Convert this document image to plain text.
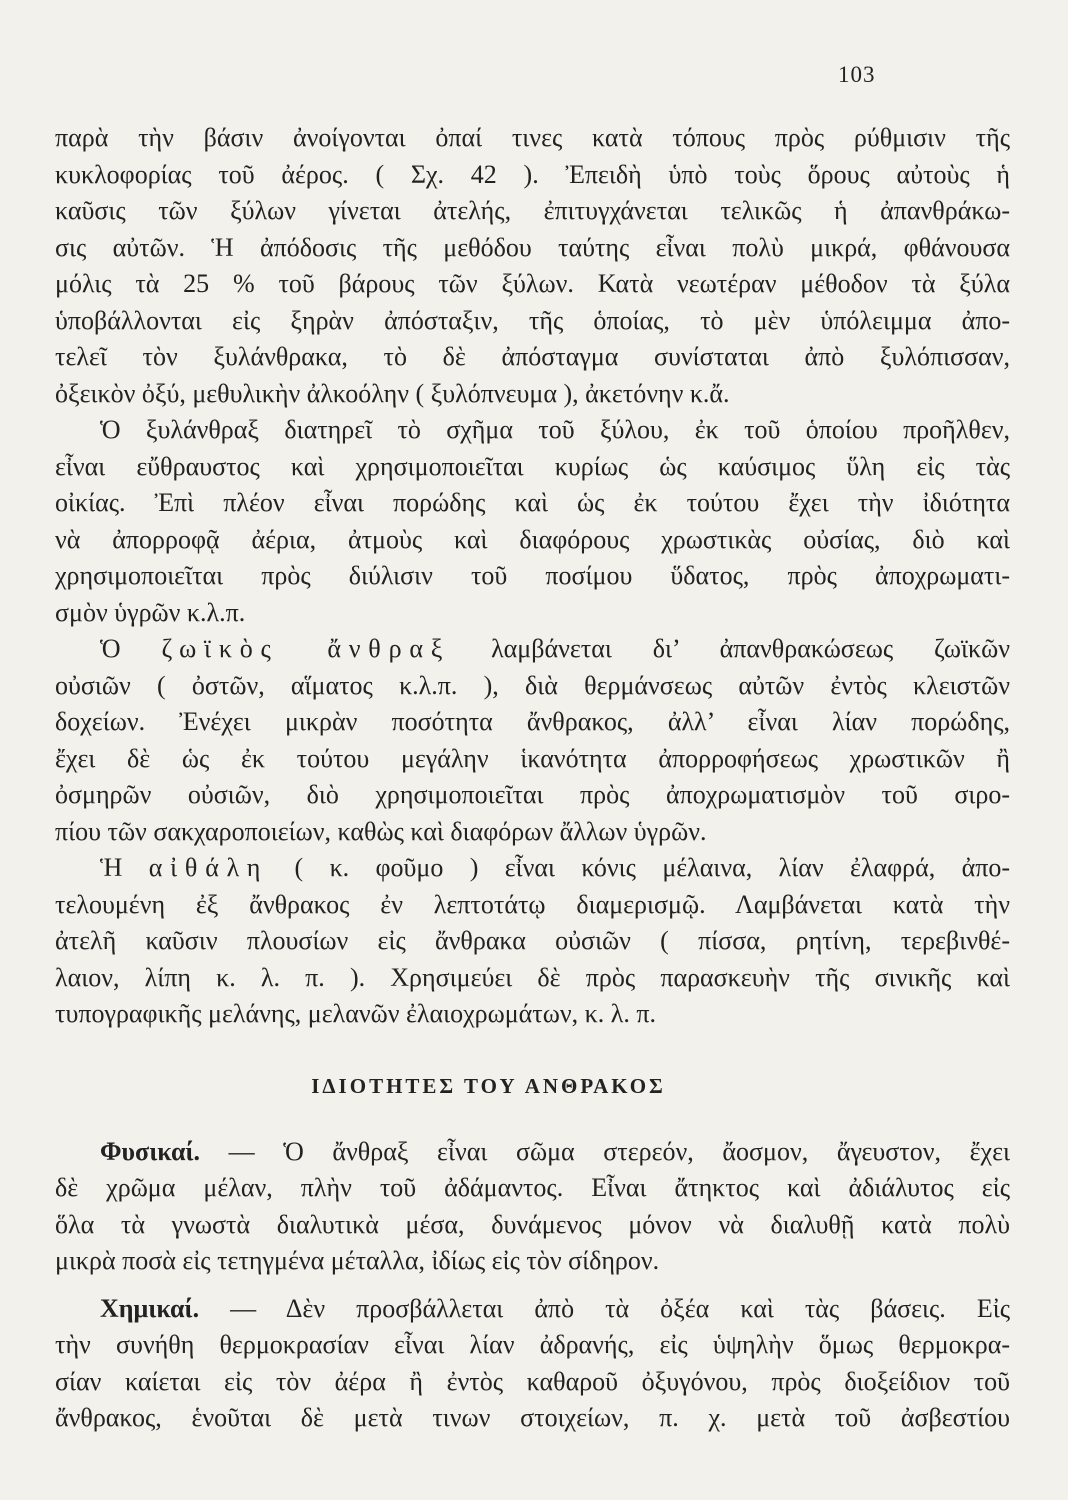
103
παρὰ τὴν βάσιν ἀνοίγονται ὀπαί τινες κατὰ τόπους πρὸς ρύθμισιν τῆς
κυκλοφορίας τοῦ ἀέρος. ( Σχ. 42 ). Ἐπειδὴ ὑπὸ τοὺς ὅρους αὐτοὺς ἡ
καῦσις τῶν ξύλων γίνεται ἀτελής, ἐπιτυγχάνεται τελικῶς ἡ ἀπανθράκω-
σις αὐτῶν. Ἡ ἀπόδοσις τῆς μεθόδου ταύτης εἶναι πολὺ μικρά, φθάνουσα
μόλις τὰ 25 % τοῦ βάρους τῶν ξύλων. Κατὰ νεωτέραν μέθοδον τὰ ξύλα
ὑποβάλλονται εἰς ξηρὰν ἀπόσταξιν, τῆς ὁποίας, τὸ μὲν ὑπόλειμμα ἀπο-
τελεῖ τὸν ξυλάνθρακα, τὸ δὲ ἀπόσταγμα συνίσταται ἀπὸ ξυλόπισσαν,
ὀξεικὸν ὀξύ, μεθυλικὴν ἀλκοόλην ( ξυλόπνευμα ), ἀκετόνην κ.ἄ.
Ὁ ξυλάνθραξ διατηρεῖ τὸ σχῆμα τοῦ ξύλου, ἐκ τοῦ ὁποίου προῆλθεν,
εἶναι εὔθραυστος καὶ χρησιμοποιεῖται κυρίως ὡς καύσιμος ὕλη εἰς τὰς
οἰκίας. Ἐπὶ πλέον εἶναι πορώδης καὶ ὡς ἐκ τούτου ἔχει τὴν ἰδιότητα
νὰ ἀπορροφᾷ ἀέρια, ἀτμοὺς καὶ διαφόρους χρωστικὰς οὐσίας, διὸ καὶ
χρησιμοποιεῖται πρὸς διύλισιν τοῦ ποσίμου ὕδατος, πρὸς ἀποχρωματι-
σμὸν ὑγρῶν κ.λ.π.
Ὁ ζωϊκὸς ἄνθραξ λαμβάνεται δι’ ἀπανθρακώσεως ζωϊκῶν
οὐσιῶν ( ὀστῶν, αἵματος κ.λ.π. ), διὰ θερμάνσεως αὐτῶν ἐντὸς κλειστῶν
δοχείων. Ἐνέχει μικρὰν ποσότητα ἄνθρακος, ἀλλ’ εἶναι λίαν πορώδης,
ἔχει δὲ ὡς ἐκ τούτου μεγάλην ἱκανότητα ἀπορροφήσεως χρωστικῶν ἢ
ὀσμηρῶν οὐσιῶν, διὸ χρησιμοποιεῖται πρὸς ἀποχρωματισμὸν τοῦ σιρο-
πίου τῶν σακχαροποιείων, καθὼς καὶ διαφόρων ἄλλων ὑγρῶν.
Ἡ αἰθάλη ( κ. φοῦμο ) εἶναι κόνις μέλαινα, λίαν ἐλαφρά, ἀπο-
τελουμένη ἐξ ἄνθρακος ἐν λεπτοτάτῳ διαμερισμῷ. Λαμβάνεται κατὰ τὴν
ἀτελῆ καῦσιν πλουσίων εἰς ἄνθρακα οὐσιῶν ( πίσσα, ρητίνη, τερεβινθέ-
λαιον, λίπη κ. λ. π. ). Χρησιμεύει δὲ πρὸς παρασκευὴν τῆς σινικῆς καὶ
τυπογραφικῆς μελάνης, μελανῶν ἐλαιοχρωμάτων, κ. λ. π.
ΙΔΙΟΤΗΤΕΣ ΤΟΥ ΑΝΘΡΑΚΟΣ
Φυσικαί. — Ὁ ἄνθραξ εἶναι σῶμα στερεόν, ἄοσμον, ἄγευστον, ἔχει
δὲ χρῶμα μέλαν, πλὴν τοῦ ἀδάμαντος. Εἶναι ἄτηκτος καὶ ἀδιάλυτος εἰς
ὅλα τὰ γνωστὰ διαλυτικὰ μέσα, δυνάμενος μόνον νὰ διαλυθῇ κατὰ πολὺ
μικρὰ ποσὰ εἰς τετηγμένα μέταλλα, ἰδίως εἰς τὸν σίδηρον.
Χημικαί. — Δὲν προσβάλλεται ἀπὸ τὰ ὀξέα καὶ τὰς βάσεις. Εἰς
τὴν συνήθη θερμοκρασίαν εἶναι λίαν ἀδρανής, εἰς ὑψηλὴν ὅμως θερμοκρα-
σίαν καίεται εἰς τὸν ἀέρα ἢ ἐντὸς καθαροῦ ὀξυγόνου, πρὸς διοξείδιον τοῦ
ἄνθρακος, ἑνοῦται δὲ μετὰ τινων στοιχείων, π. χ. μετὰ τοῦ ἀσβεστίου
